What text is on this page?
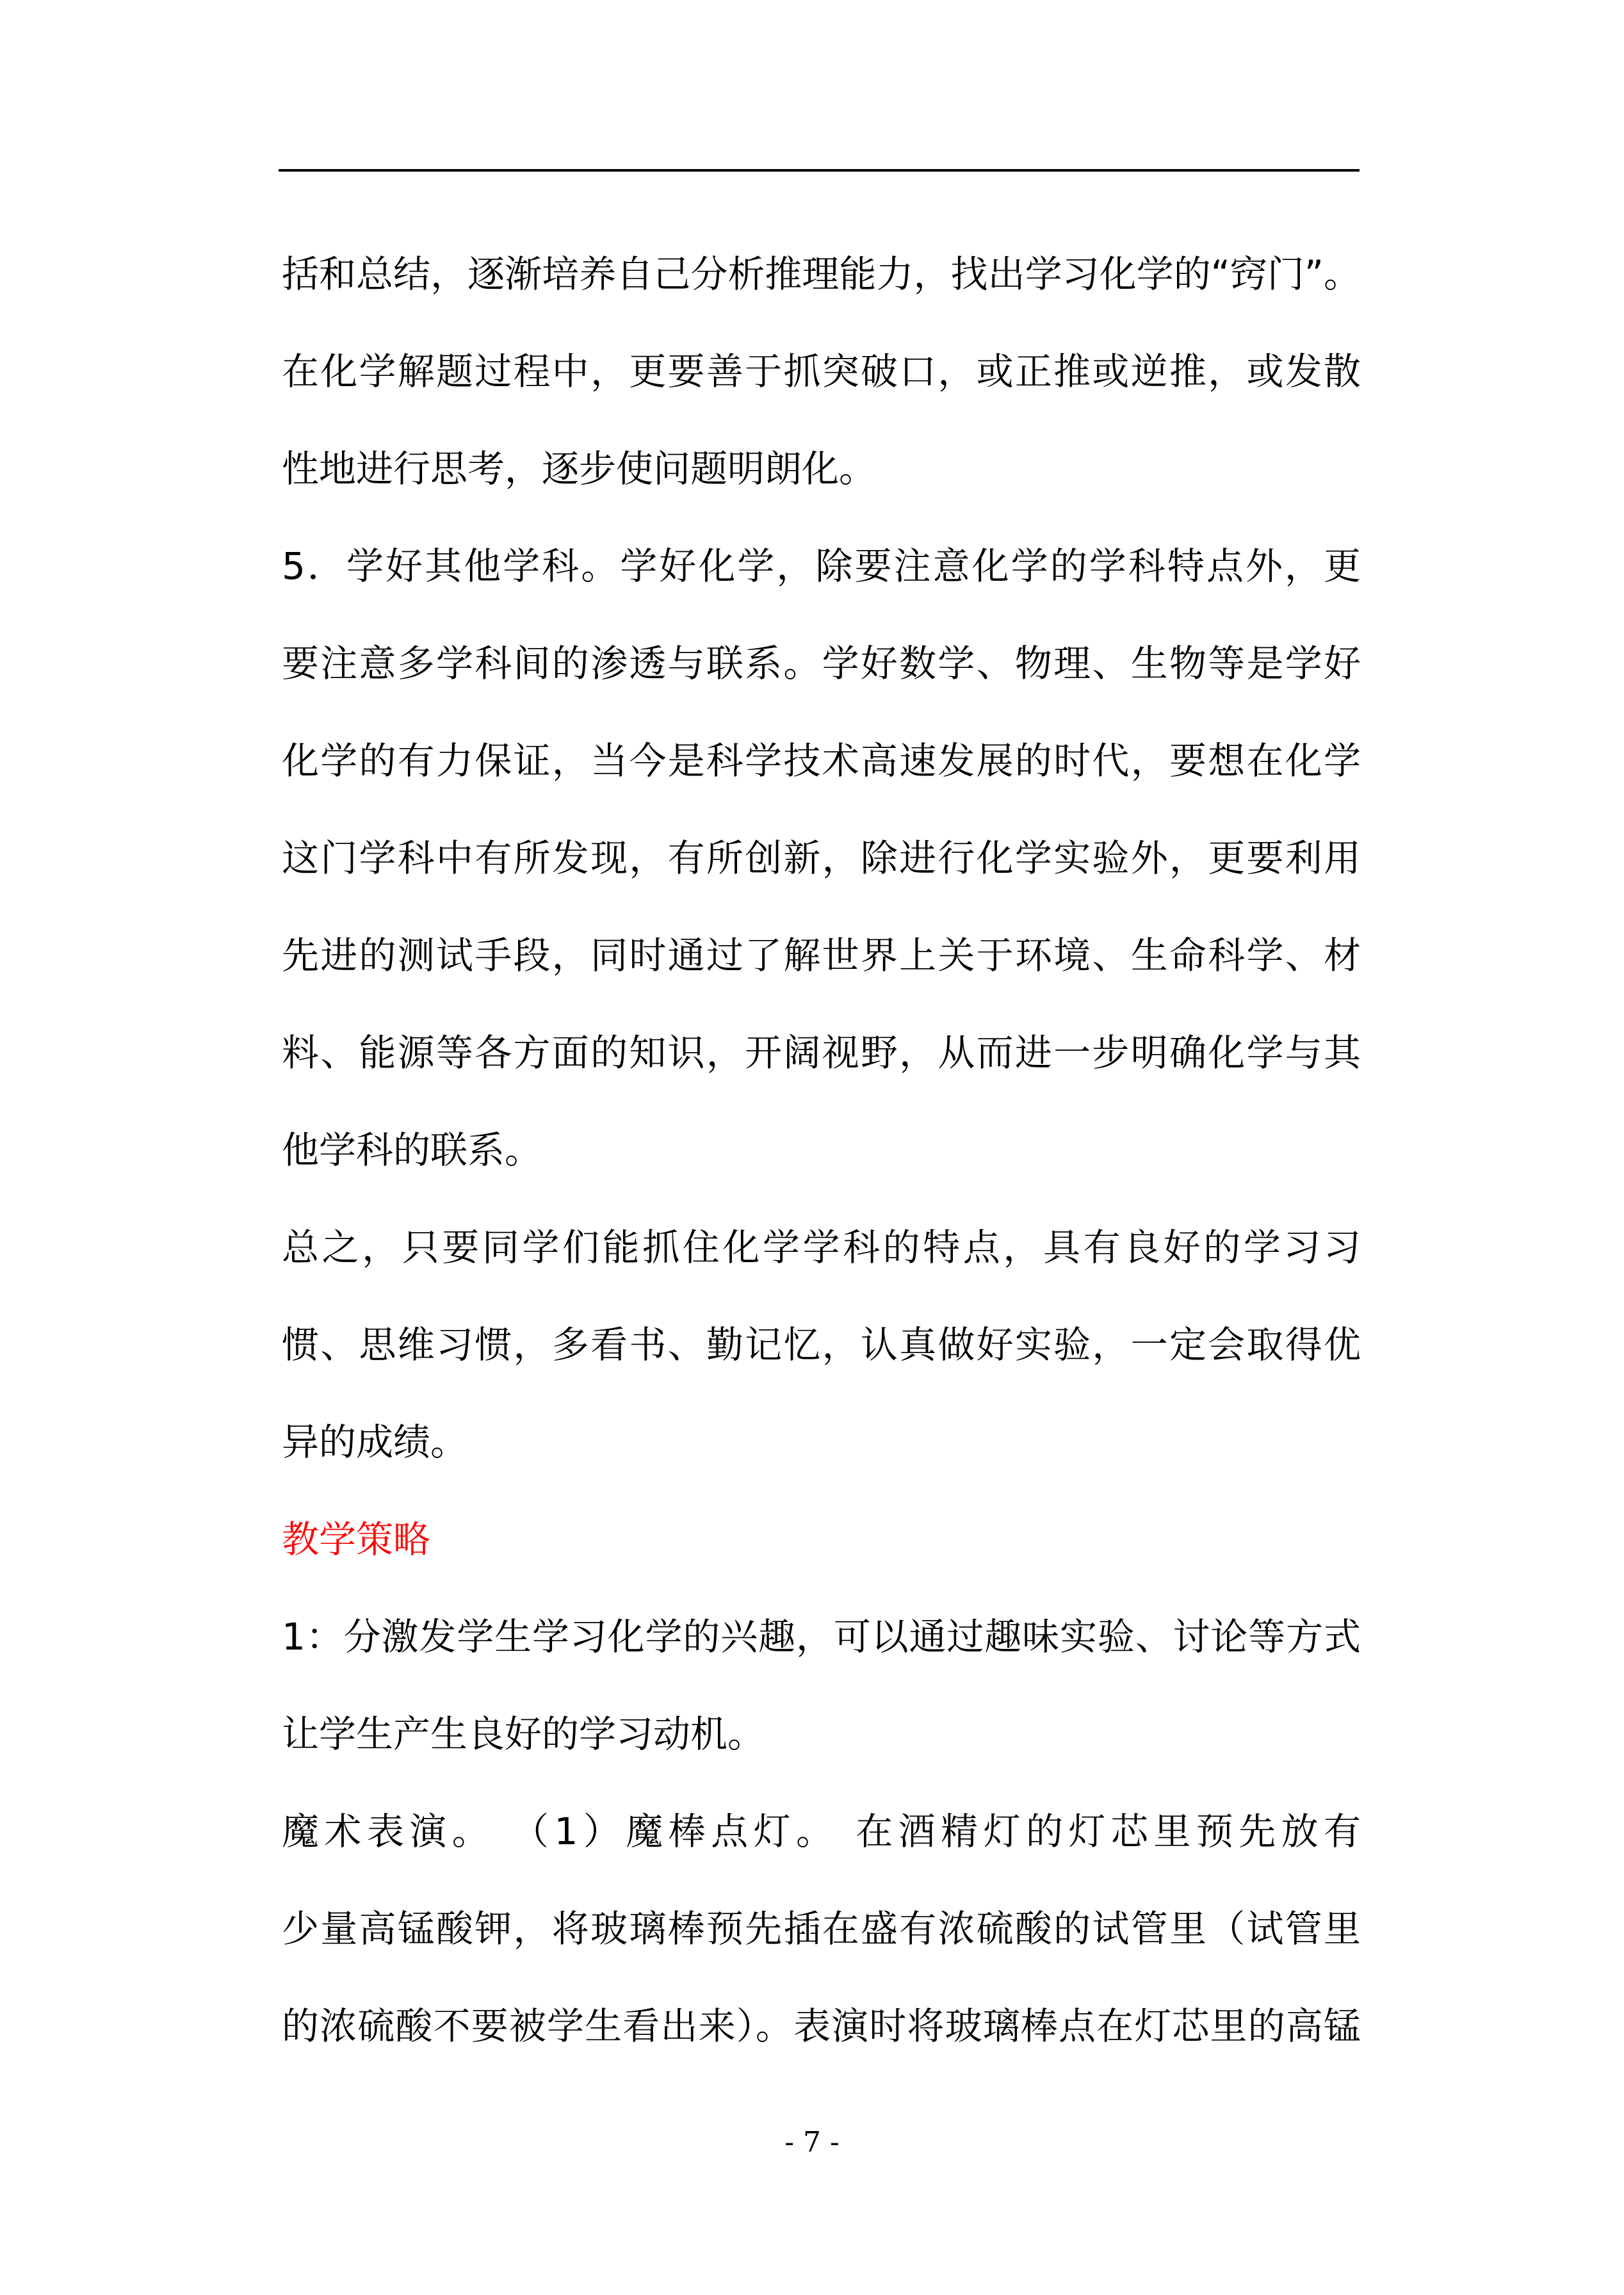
括和总结，逐渐培养自己分析推理能力，找出学习化学的“窍门”。
在化学解题过程中，更要善于抓突破口，或正推或逆推，或发散
性地进行思考，逐步使问题明朗化。
5．学好其他学科。学好化学，除要注意化学的学科特点外，更
要注意多学科间的渗透与联系。学好数学、物理、生物等是学好
化学的有力保证，当今是科学技术高速发展的时代，要想在化学
这门学科中有所发现，有所创新，除进行化学实验外，更要利用
先进的测试手段，同时通过了解世界上关于环境、生命科学、材
料、能源等各方面的知识，开阔视野，从而进一步明确化学与其
他学科的联系。
总之，只要同学们能抓住化学学科的特点，具有良好的学习习
惯、思维习惯，多看书、勤记忆，认真做好实验，一定会取得优
异的成绩。
教学策略
1：分激发学生学习化学的兴趣，可以通过趣味实验、讨论等方式
让学生产生良好的学习动机。
魔术表演。 （1）魔棒点灯。 在酒精灯的灯芯里预先放有
少量高锰酸钾，将玻璃棒预先插在盛有浓硫酸的试管里（试管里
的浓硫酸不要被学生看出来）。表演时将玻璃棒点在灯芯里的高锰
- 7 -
